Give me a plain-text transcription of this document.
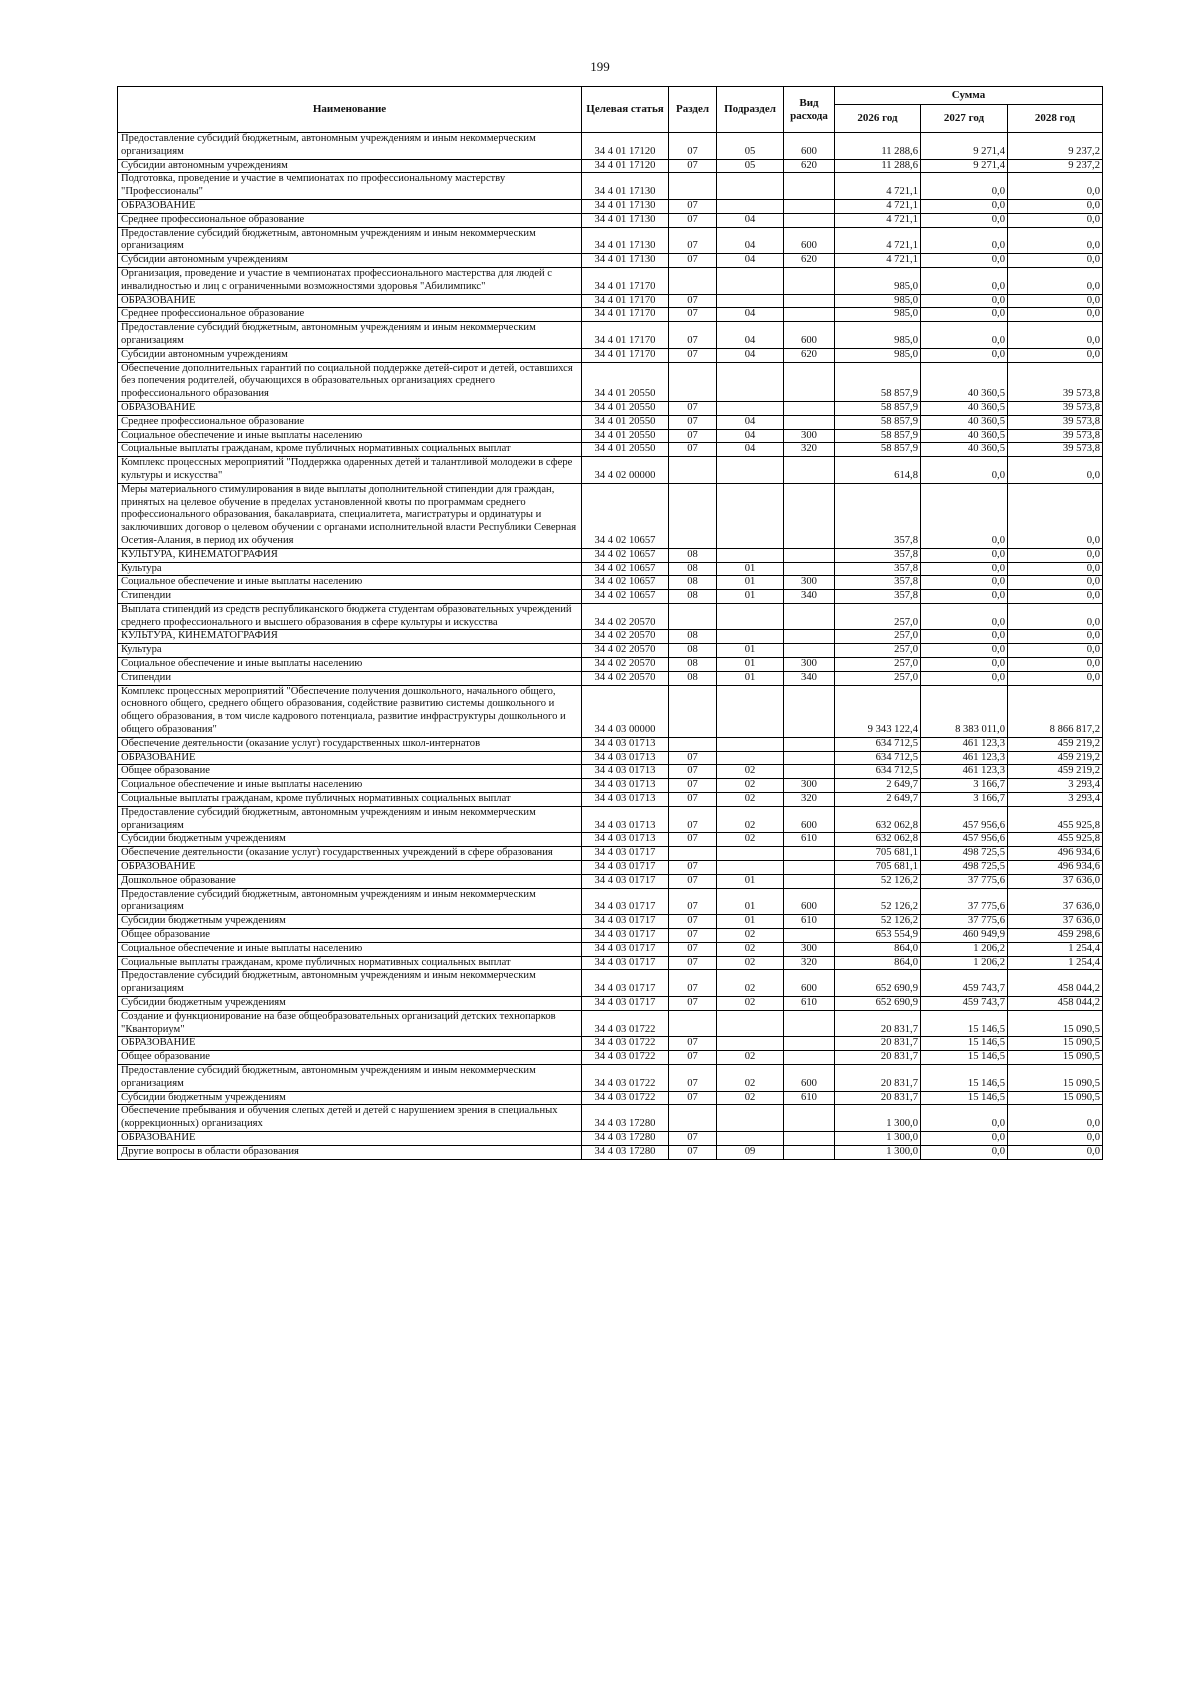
199
Наименование	Целевая статья	Раздел	Подраздел	Вид расхода	Сумма		
					2026 год	2027 год	2028 год
Предоставление субсидий бюджетным, автономным учреждениям и иным некоммерческим организациям	34 4 01 17120	07	05	600	11 288,6	9 271,4	9 237,2
Субсидии автономным учреждениям	34 4 01 17120	07	05	620	11 288,6	9 271,4	9 237,2
Подготовка, проведение и участие в чемпионатах по профессиональному мастерству "Профессионалы"	34 4 01 17130				4 721,1	0,0	0,0
ОБРАЗОВАНИЕ	34 4 01 17130	07			4 721,1	0,0	0,0
Среднее профессиональное образование	34 4 01 17130	07	04		4 721,1	0,0	0,0
Предоставление субсидий бюджетным, автономным учреждениям и иным некоммерческим организациям	34 4 01 17130	07	04	600	4 721,1	0,0	0,0
Субсидии автономным учреждениям	34 4 01 17130	07	04	620	4 721,1	0,0	0,0
Организация, проведение и участие в чемпионатах профессионального мастерства для людей с инвалидностью и лиц с ограниченными возможностями здоровья "Абилимпикс"	34 4 01 17170				985,0	0,0	0,0
ОБРАЗОВАНИЕ	34 4 01 17170	07			985,0	0,0	0,0
Среднее профессиональное образование	34 4 01 17170	07	04		985,0	0,0	0,0
Предоставление субсидий бюджетным, автономным учреждениям и иным некоммерческим организациям	34 4 01 17170	07	04	600	985,0	0,0	0,0
Субсидии автономным учреждениям	34 4 01 17170	07	04	620	985,0	0,0	0,0
Обеспечение дополнительных гарантий по социальной поддержке детей-сирот и детей, оставшихся без попечения родителей, обучающихся в образовательных организациях среднего профессионального образования	34 4 01 20550				58 857,9	40 360,5	39 573,8
ОБРАЗОВАНИЕ	34 4 01 20550	07			58 857,9	40 360,5	39 573,8
Среднее профессиональное образование	34 4 01 20550	07	04		58 857,9	40 360,5	39 573,8
Социальное обеспечение и иные выплаты населению	34 4 01 20550	07	04	300	58 857,9	40 360,5	39 573,8
Социальные выплаты гражданам, кроме публичных нормативных социальных выплат	34 4 01 20550	07	04	320	58 857,9	40 360,5	39 573,8
Комплекс процессных мероприятий "Поддержка одаренных детей и талантливой молодежи в сфере культуры и искусства"	34 4 02 00000				614,8	0,0	0,0
Меры материального стимулирования в виде выплаты дополнительной стипендии для граждан, принятых на целевое обучение в пределах установленной квоты по программам среднего профессионального образования, бакалавриата, специалитета, магистратуры и ординатуры и заключивших договор о целевом обучении с органами исполнительной власти Республики Северная Осетия-Алания, в период их обучения	34 4 02 10657				357,8	0,0	0,0
КУЛЬТУРА, КИНЕМАТОГРАФИЯ	34 4 02 10657	08			357,8	0,0	0,0
Культура	34 4 02 10657	08	01		357,8	0,0	0,0
Социальное обеспечение и иные выплаты населению	34 4 02 10657	08	01	300	357,8	0,0	0,0
Стипендии	34 4 02 10657	08	01	340	357,8	0,0	0,0
Выплата стипендий из средств республиканского бюджета студентам образовательных учреждений среднего профессионального и высшего образования в сфере культуры и искусства	34 4 02 20570				257,0	0,0	0,0
КУЛЬТУРА, КИНЕМАТОГРАФИЯ	34 4 02 20570	08			257,0	0,0	0,0
Культура	34 4 02 20570	08	01		257,0	0,0	0,0
Социальное обеспечение и иные выплаты населению	34 4 02 20570	08	01	300	257,0	0,0	0,0
Стипендии	34 4 02 20570	08	01	340	257,0	0,0	0,0
Комплекс процессных мероприятий "Обеспечение получения дошкольного, начального общего, основного общего, среднего общего образования, содействие развитию системы дошкольного и общего образования, в том числе кадрового потенциала, развитие инфраструктуры дошкольного и общего образования"	34 4 03 00000				9 343 122,4	8 383 011,0	8 866 817,2
Обеспечение деятельности (оказание услуг) государственных школ-интернатов	34 4 03 01713				634 712,5	461 123,3	459 219,2
ОБРАЗОВАНИЕ	34 4 03 01713	07			634 712,5	461 123,3	459 219,2
Общее образование	34 4 03 01713	07	02		634 712,5	461 123,3	459 219,2
Социальное обеспечение и иные выплаты населению	34 4 03 01713	07	02	300	2 649,7	3 166,7	3 293,4
Социальные выплаты гражданам, кроме публичных нормативных социальных выплат	34 4 03 01713	07	02	320	2 649,7	3 166,7	3 293,4
Предоставление субсидий бюджетным, автономным учреждениям и иным некоммерческим организациям	34 4 03 01713	07	02	600	632 062,8	457 956,6	455 925,8
Субсидии бюджетным учреждениям	34 4 03 01713	07	02	610	632 062,8	457 956,6	455 925,8
Обеспечение деятельности (оказание услуг) государственных учреждений в сфере образования	34 4 03 01717				705 681,1	498 725,5	496 934,6
ОБРАЗОВАНИЕ	34 4 03 01717	07			705 681,1	498 725,5	496 934,6
Дошкольное образование	34 4 03 01717	07	01		52 126,2	37 775,6	37 636,0
Предоставление субсидий бюджетным, автономным учреждениям и иным некоммерческим организациям	34 4 03 01717	07	01	600	52 126,2	37 775,6	37 636,0
Субсидии бюджетным учреждениям	34 4 03 01717	07	01	610	52 126,2	37 775,6	37 636,0
Общее образование	34 4 03 01717	07	02		653 554,9	460 949,9	459 298,6
Социальное обеспечение и иные выплаты населению	34 4 03 01717	07	02	300	864,0	1 206,2	1 254,4
Социальные выплаты гражданам, кроме публичных нормативных социальных выплат	34 4 03 01717	07	02	320	864,0	1 206,2	1 254,4
Предоставление субсидий бюджетным, автономным учреждениям и иным некоммерческим организациям	34 4 03 01717	07	02	600	652 690,9	459 743,7	458 044,2
Субсидии бюджетным учреждениям	34 4 03 01717	07	02	610	652 690,9	459 743,7	458 044,2
Создание и функционирование на базе общеобразовательных организаций детских технопарков "Кванториум"	34 4 03 01722				20 831,7	15 146,5	15 090,5
ОБРАЗОВАНИЕ	34 4 03 01722	07			20 831,7	15 146,5	15 090,5
Общее образование	34 4 03 01722	07	02		20 831,7	15 146,5	15 090,5
Предоставление субсидий бюджетным, автономным учреждениям и иным некоммерческим организациям	34 4 03 01722	07	02	600	20 831,7	15 146,5	15 090,5
Субсидии бюджетным учреждениям	34 4 03 01722	07	02	610	20 831,7	15 146,5	15 090,5
Обеспечение пребывания и обучения слепых детей и детей с нарушением зрения в специальных (коррекционных) организациях	34 4 03 17280				1 300,0	0,0	0,0
ОБРАЗОВАНИЕ	34 4 03 17280	07			1 300,0	0,0	0,0
Другие вопросы в области образования	34 4 03 17280	07	09		1 300,0	0,0	0,0
